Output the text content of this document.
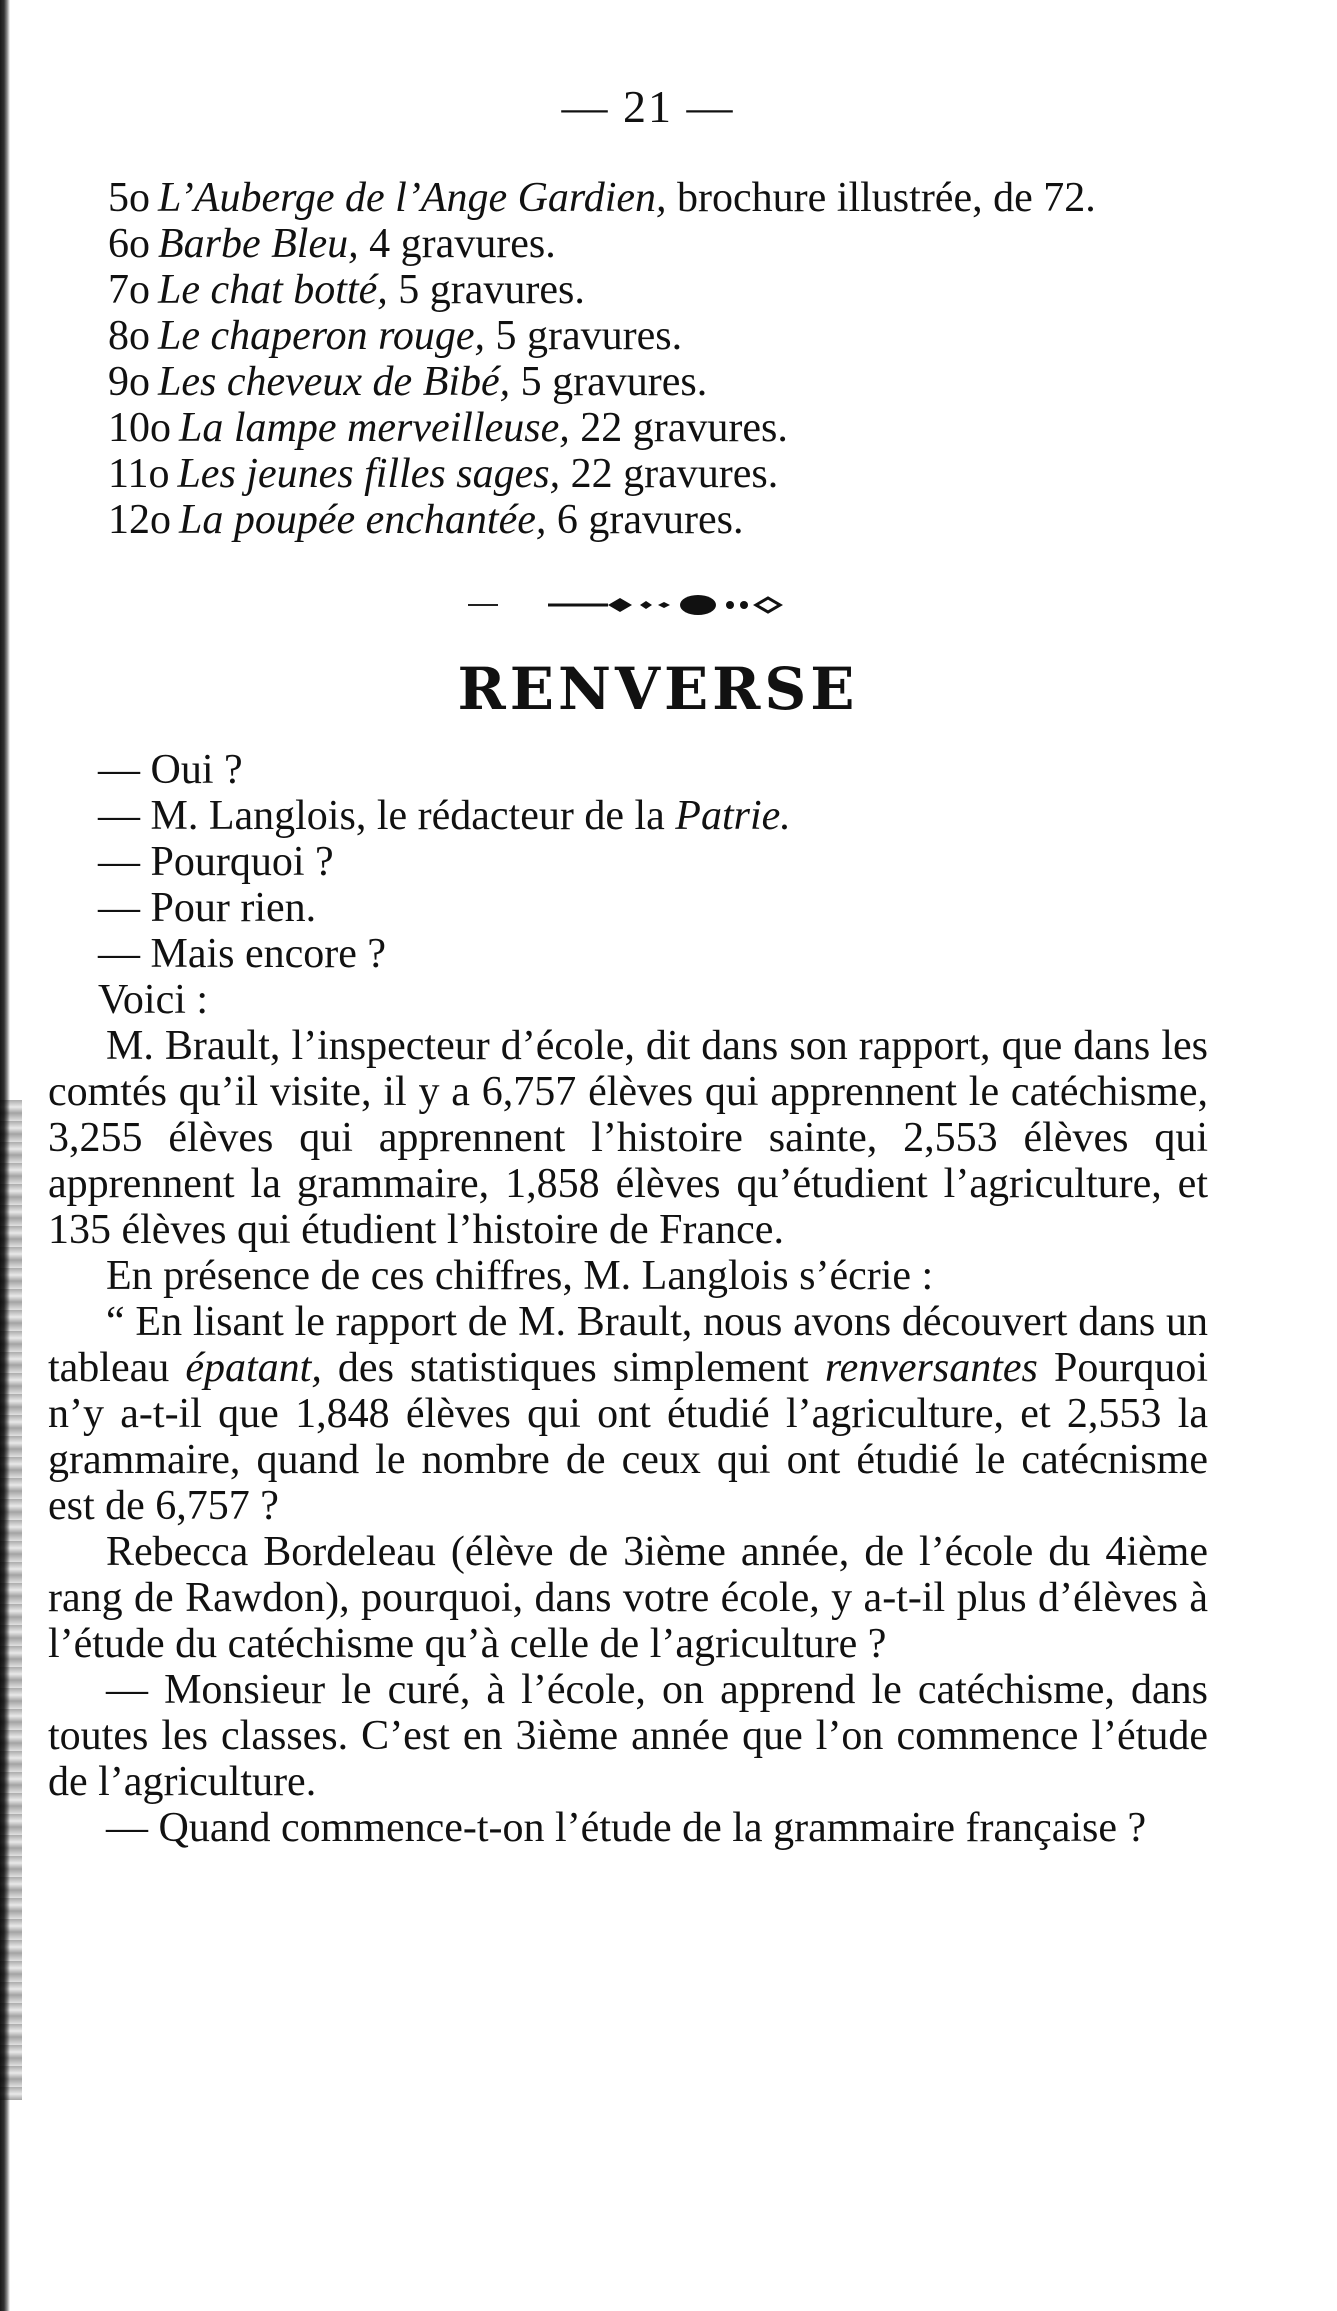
— 21 —
5o L’Auberge de l’Ange Gardien, brochure illustrée, de 72.
6o Barbe Bleu, 4 gravures.
7o Le chat botté, 5 gravures.
8o Le chaperon rouge, 5 gravures.
9o Les cheveux de Bibé, 5 gravures.
10o La lampe merveilleuse, 22 gravures.
11o Les jeunes filles sages, 22 gravures.
12o La poupée enchantée, 6 gravures.
RENVERSE
— Oui ?
— M. Langlois, le rédacteur de la Patrie.
— Pourquoi ?
— Pour rien.
— Mais encore ?
Voici :

M. Brault, l’inspecteur d’école, dit dans son rapport, que dans les comtés qu’il visite, il y a 6,757 élèves qui apprennent le catéchisme, 3,255 élèves qui apprennent l’histoire sainte, 2,553 élèves qui apprennent la grammaire, 1,858 élèves qu’étudient l’agriculture, et 135 élèves qui étudient l’histoire de France.

En présence de ces chiffres, M. Langlois s’écrie :

“ En lisant le rapport de M. Brault, nous avons découvert dans un tableau épatant, des statistiques simplement renversantes Pourquoi n’y a-t-il que 1,848 élèves qui ont étudié l’agriculture, et 2,553 la grammaire, quand le nombre de ceux qui ont étudié le catécnisme est de 6,757 ?

Rebecca Bordeleau (élève de 3ième année, de l’école du 4ième rang de Rawdon), pourquoi, dans votre école, y a-t-il plus d’élèves à l’étude du catéchisme qu’à celle de l’agriculture ?

— Monsieur le curé, à l’école, on apprend le catéchisme, dans toutes les classes. C’est en 3ième année que l’on commence l’étude de l’agriculture.

— Quand commence-t-on l’étude de la grammaire française ?
